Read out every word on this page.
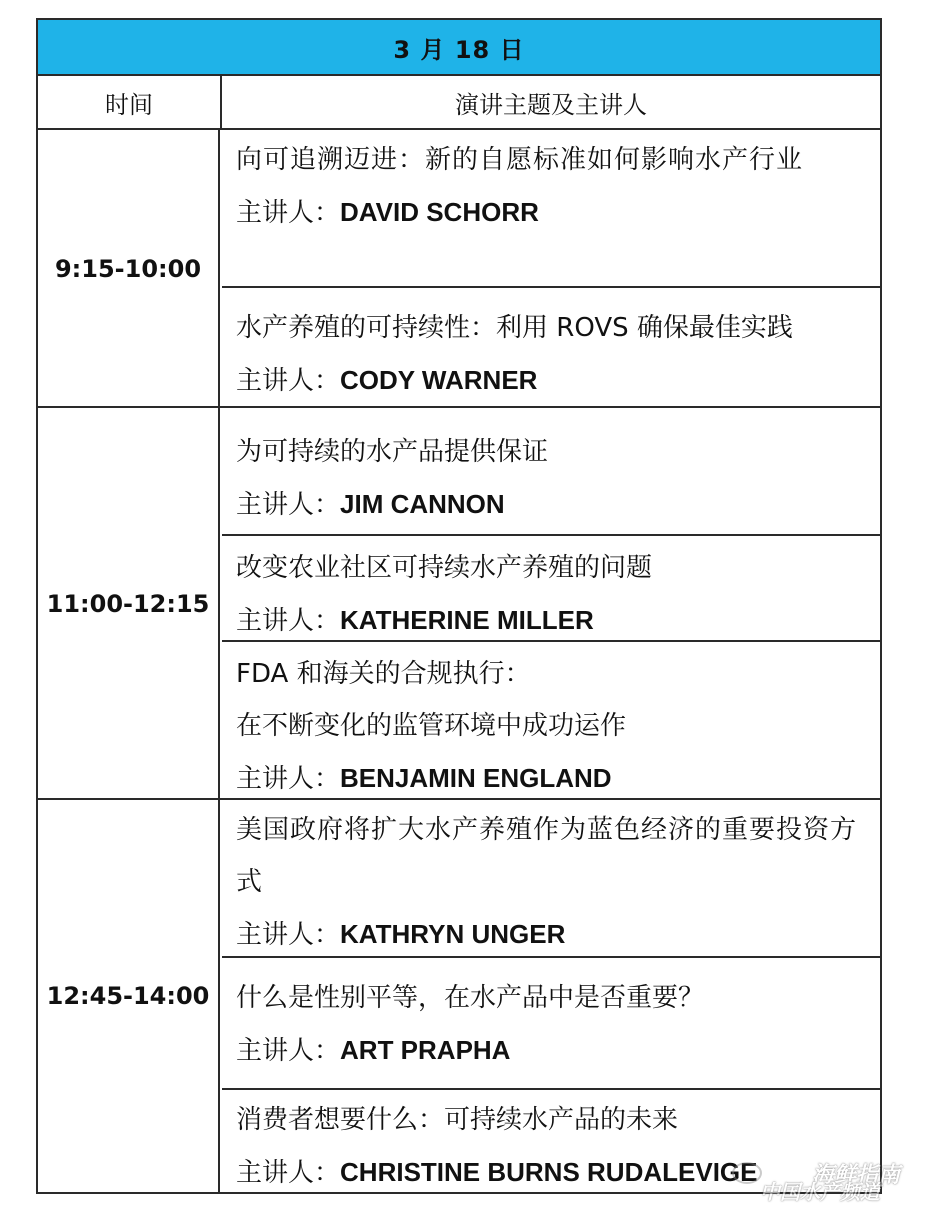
3 月 18 日
时间	演讲主题及主讲人
9:15-10:00
向可追溯迈进：新的自愿标准如何影响水产行业
主讲人：DAVID SCHORR
水产养殖的可持续性：利用 ROVS 确保最佳实践
主讲人：CODY WARNER
11:00-12:15
为可持续的水产品提供保证
主讲人：JIM CANNON
改变农业社区可持续水产养殖的问题
主讲人：KATHERINE MILLER
FDA 和海关的合规执行：
在不断变化的监管环境中成功运作
主讲人：BENJAMIN ENGLAND
12:45-14:00
美国政府将扩大水产养殖作为蓝色经济的重要投资方式
主讲人：KATHRYN UNGER
什么是性别平等，在水产品中是否重要？
主讲人：ART PRAPHA
消费者想要什么：可持续水产品的未来
主讲人：CHRISTINE BURNS RUDALEVIGE	海鲜指南
中国水产频道
